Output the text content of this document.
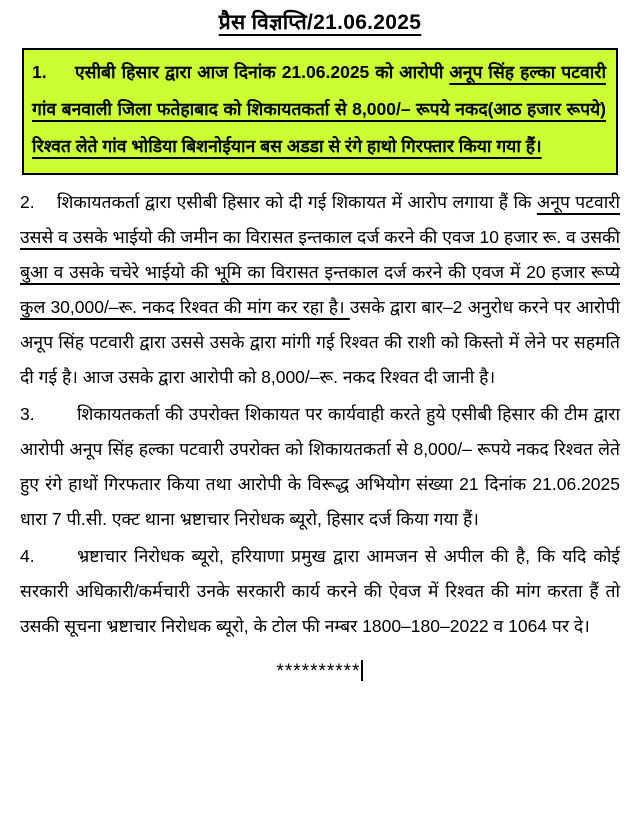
प्रैस विज्ञप्ति/21.06.2025

1. एसीबी हिसार द्वारा आज दिनांक 21.06.2025 को आरोपी अनूप सिंह हल्का पटवारी गांव बनवाली जिला फतेहाबाद को शिकायतकर्ता से 8,000/– रूपये नकद(आठ हजार रूपये) रिश्वत लेते गांव भोडिया बिशनोईयान बस अडडा से रंगे हाथो गिरफ्तार किया गया हैं।

2. शिकायतकर्ता द्वारा एसीबी हिसार को दी गई शिकायत में आरोप लगाया हैं कि अनूप पटवारी उससे व उसके भाईयो की जमीन का विरासत इन्तकाल दर्ज करने की एवज 10 हजार रू. व उसकी बुआ व उसके चचेरे भाईयो की भूमि का विरासत इन्तकाल दर्ज करने की एवज में 20 हजार रूप्ये कुल 30,000/–रू. नकद रिश्वत की मांग कर रहा है। उसके द्वारा बार–2 अनुरोध करने पर आरोपी अनूप सिंह पटवारी द्वारा उससे उसके द्वारा मांगी गई रिश्वत की राशी को किस्तो में लेने पर सहमति दी गई है। आज उसके द्वारा आरोपी को 8,000/–रू. नकद रिश्वत दी जानी है।

3. शिकायतकर्ता की उपरोक्त शिकायत पर कार्यवाही करते हुये एसीबी हिसार की टीम द्वारा आरोपी अनूप सिंह हल्का पटवारी उपरोक्त को शिकायतकर्ता से 8,000/– रूपये नकद रिश्वत लेते हुए रंगे हाथों गिरफतार किया तथा आरोपी के विरूद्ध अभियोग संख्या 21 दिनांक 21.06.2025 धारा 7 पी.सी. एक्ट थाना भ्रष्टाचार निरोधक ब्यूरो, हिसार दर्ज किया गया हैं।

4. भ्रष्टाचार निरोधक ब्यूरो, हरियाणा प्रमुख द्वारा आमजन से अपील की है, कि यदि कोई सरकारी अधिकारी/कर्मचारी उनके सरकारी कार्य करने की ऐवज में रिश्वत की मांग करता हैं तो उसकी सूचना भ्रष्टाचार निरोधक ब्यूरो, के टोल फी नम्बर 1800–180–2022 व 1064 पर दे।

**********
